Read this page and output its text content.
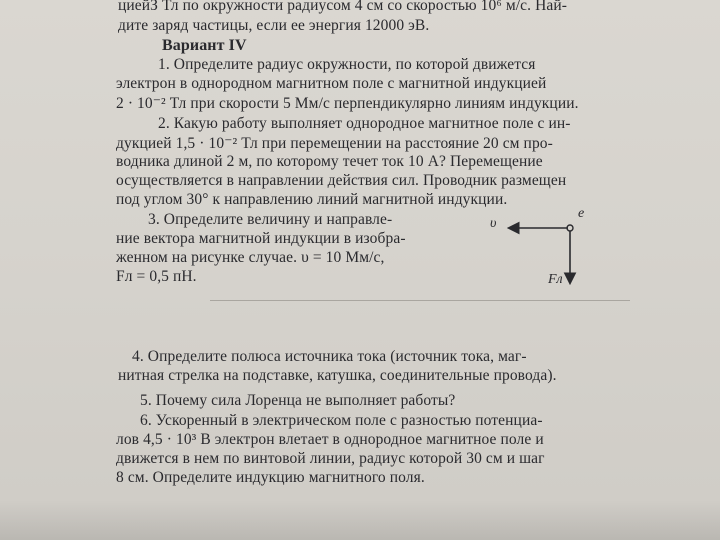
циейЗ Тл по окружности радиусом 4 см со скоростью 10⁶ м/с. Най-
дите заряд частицы, если ее энергия 12000 эВ.
Вариант IV
1. Определите радиус окружности, по которой движется
электрон в однородном магнитном поле с магнитной индукцией
2 · 10⁻² Тл при скорости 5 Мм/с перпендикулярно линиям индукции.
2. Какую работу выполняет однородное магнитное поле с ин-
дукцией 1,5 · 10⁻² Тл при перемещении на расстояние 20 см про-
водника длиной 2 м, по которому течет ток 10 А? Перемещение
осуществляется в направлении действия сил. Проводник размещен
под углом 30° к направлению линий магнитной индукции.
3. Определите величину и направле-
ние вектора магнитной индукции в изобра-
женном на рисунке случае. υ = 10 Мм/с,
Fл = 0,5 пН.
υ
e
Fл
4. Определите полюса источника тока (источник тока, маг-
нитная стрелка на подставке, катушка, соединительные провода).
5. Почему сила Лоренца не выполняет работы?
6. Ускоренный в электрическом поле с разностью потенциа-
лов 4,5 · 10³ В электрон влетает в однородное магнитное поле и
движется в нем по винтовой линии, радиус которой 30 см и шаг
8 см. Определите индукцию магнитного поля.
